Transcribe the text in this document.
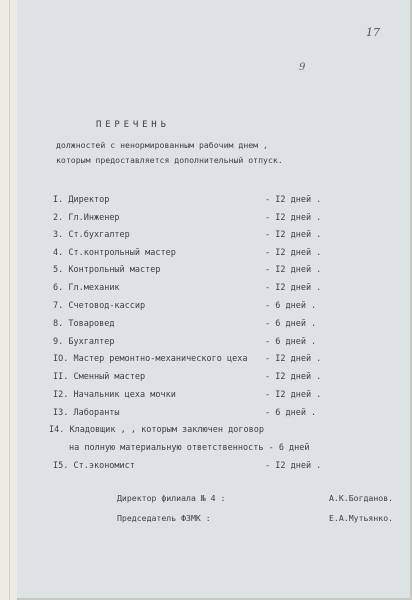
17
9
ПЕРЕЧЕНЬ
должностей с ненормированным рабочим днем ,
которым предоставляется дополнительный отпуск.
I. Директор	- I2 дней .
2. Гл.Инженер	- I2 дней .
3. Ст.бухгалтер	- I2 дней .
4. Ст.контрольный мастер	- I2 дней .
5. Контрольный мастер	- I2 дней .
6. Гл.механик	- I2 дней .
7. Счетовод-кассир	- 6 дней .
8. Товаровед	- 6 дней .
9. Бухгалтер	- 6 дней .
IO. Мастер ремонтно-механического цеха - I2 дней .
II. Сменный мастер	- I2 дней .
I2. Начальник цеха мочки	- I2 дней .
I3. Лаборанты	- 6 дней .
I4. Кладовщик , , которым заключен договор
на полную материальную ответственность - 6 дней
I5. Ст.экономист	- I2 дней .
Директор филиала № 4 :	А.К.Богданов.
Председатель ФЗМК :	Е.А.Мутьянко.
